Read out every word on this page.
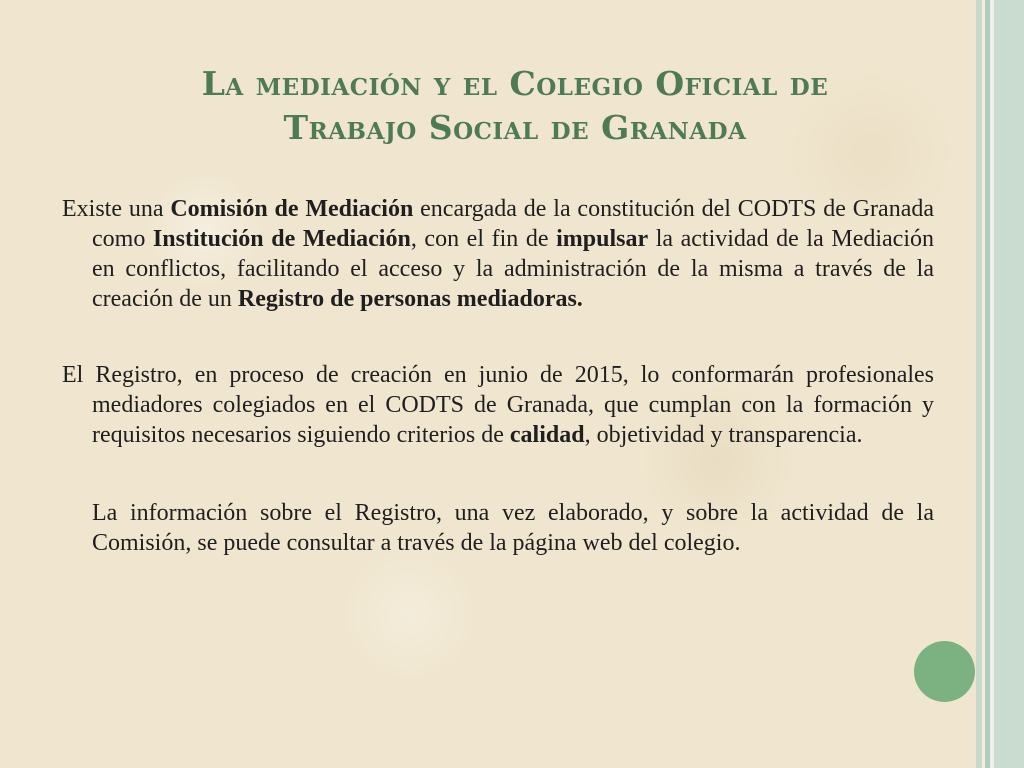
La mediación y el Colegio Oficial de
Trabajo Social de Granada

Existe una Comisión de Mediación encargada de la constitución del CODTS de Granada como Institución de Mediación, con el fin de impulsar la actividad de la Mediación en conflictos, facilitando el acceso y la administración de la misma a través de la creación de un Registro de personas mediadoras.

El Registro, en proceso de creación en junio de 2015, lo conformarán profesionales mediadores colegiados en el CODTS de Granada, que cumplan con la formación y requisitos necesarios siguiendo criterios de calidad, objetividad y transparencia.

La información sobre el Registro, una vez elaborado, y sobre la actividad de la Comisión, se puede consultar a través de la página web del colegio.
